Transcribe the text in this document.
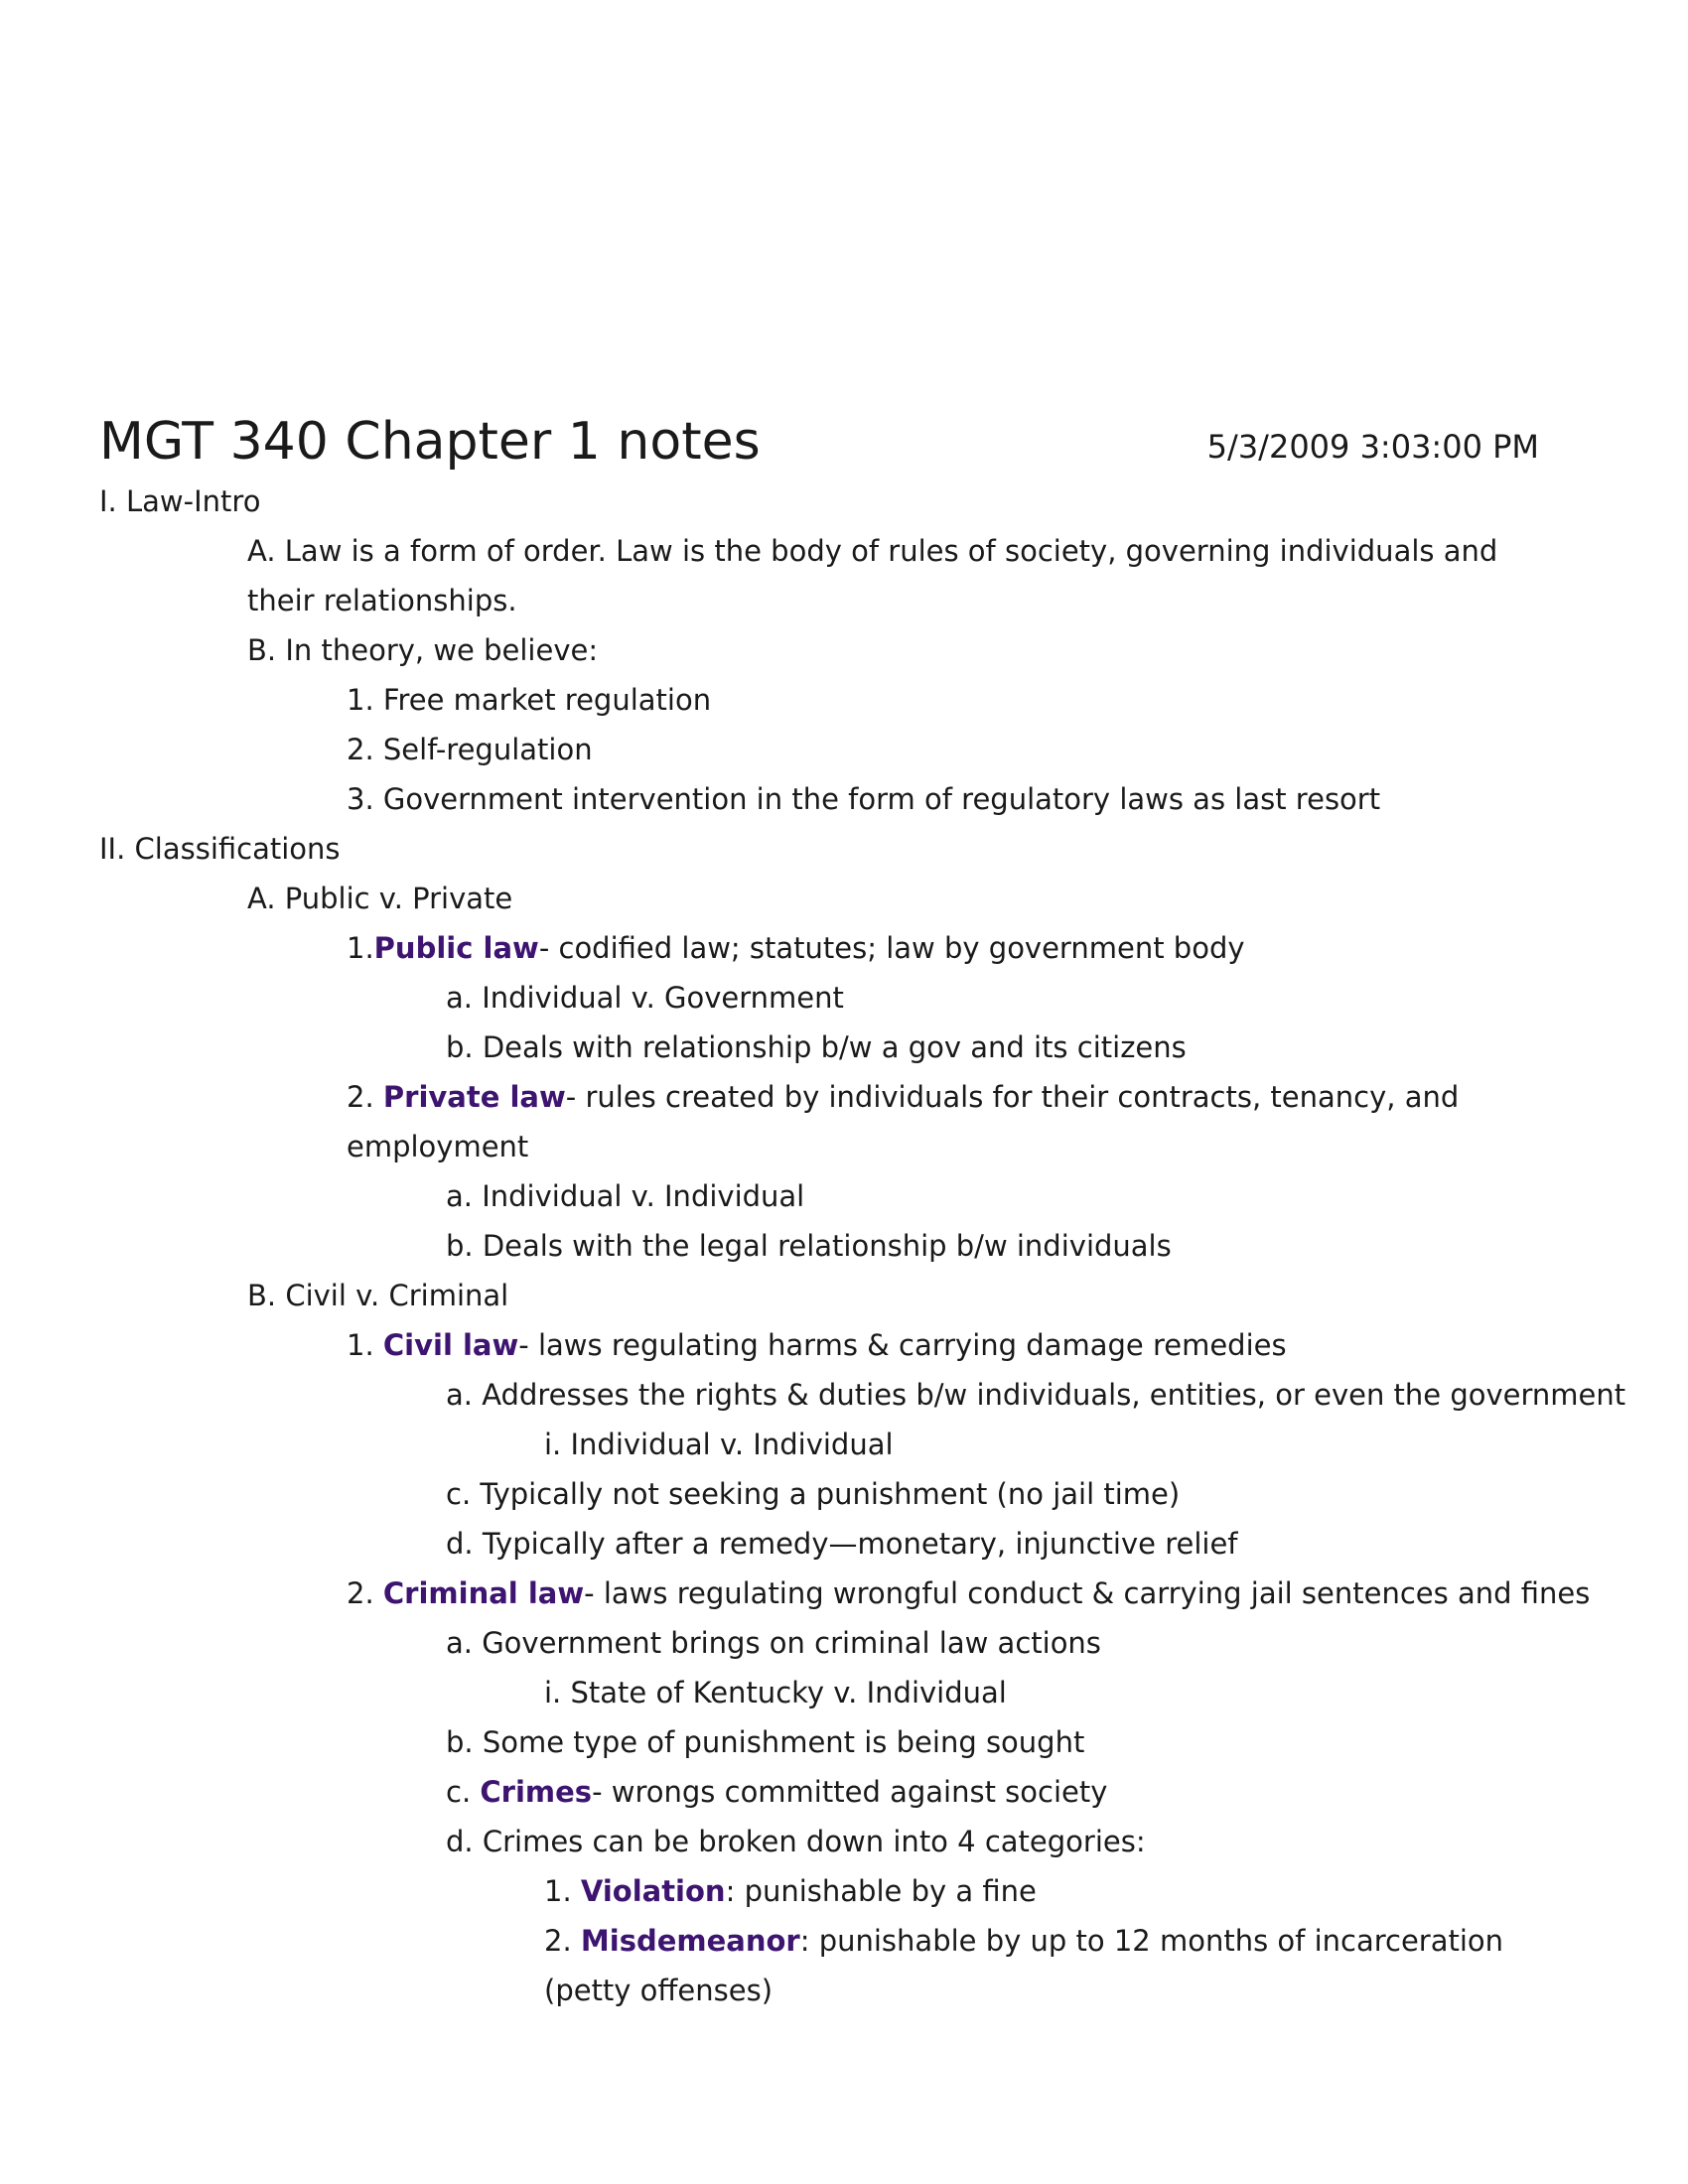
MGT 340 Chapter 1 notes	5/3/2009 3:03:00 PM
I. Law-Intro
A. Law is a form of order. Law is the body of rules of society, governing individuals and their relationships.
B. In theory, we believe:
1. Free market regulation
2. Self-regulation
3. Government intervention in the form of regulatory laws as last resort
II. Classifications
A. Public v. Private
1.Public law- codified law; statutes; law by government body
a. Individual v. Government
b. Deals with relationship b/w a gov and its citizens
2. Private law- rules created by individuals for their contracts, tenancy, and employment
a. Individual v. Individual
b. Deals with the legal relationship b/w individuals
B. Civil v. Criminal
1. Civil law- laws regulating harms & carrying damage remedies
a. Addresses the rights & duties b/w individuals, entities, or even the government
i. Individual v. Individual
c. Typically not seeking a punishment (no jail time)
d. Typically after a remedy—monetary, injunctive relief
2. Criminal law- laws regulating wrongful conduct & carrying jail sentences and fines
a. Government brings on criminal law actions
i. State of Kentucky v. Individual
b. Some type of punishment is being sought
c. Crimes- wrongs committed against society
d. Crimes can be broken down into 4 categories:
1. Violation: punishable by a fine
2. Misdemeanor: punishable by up to 12 months of incarceration (petty offenses)
